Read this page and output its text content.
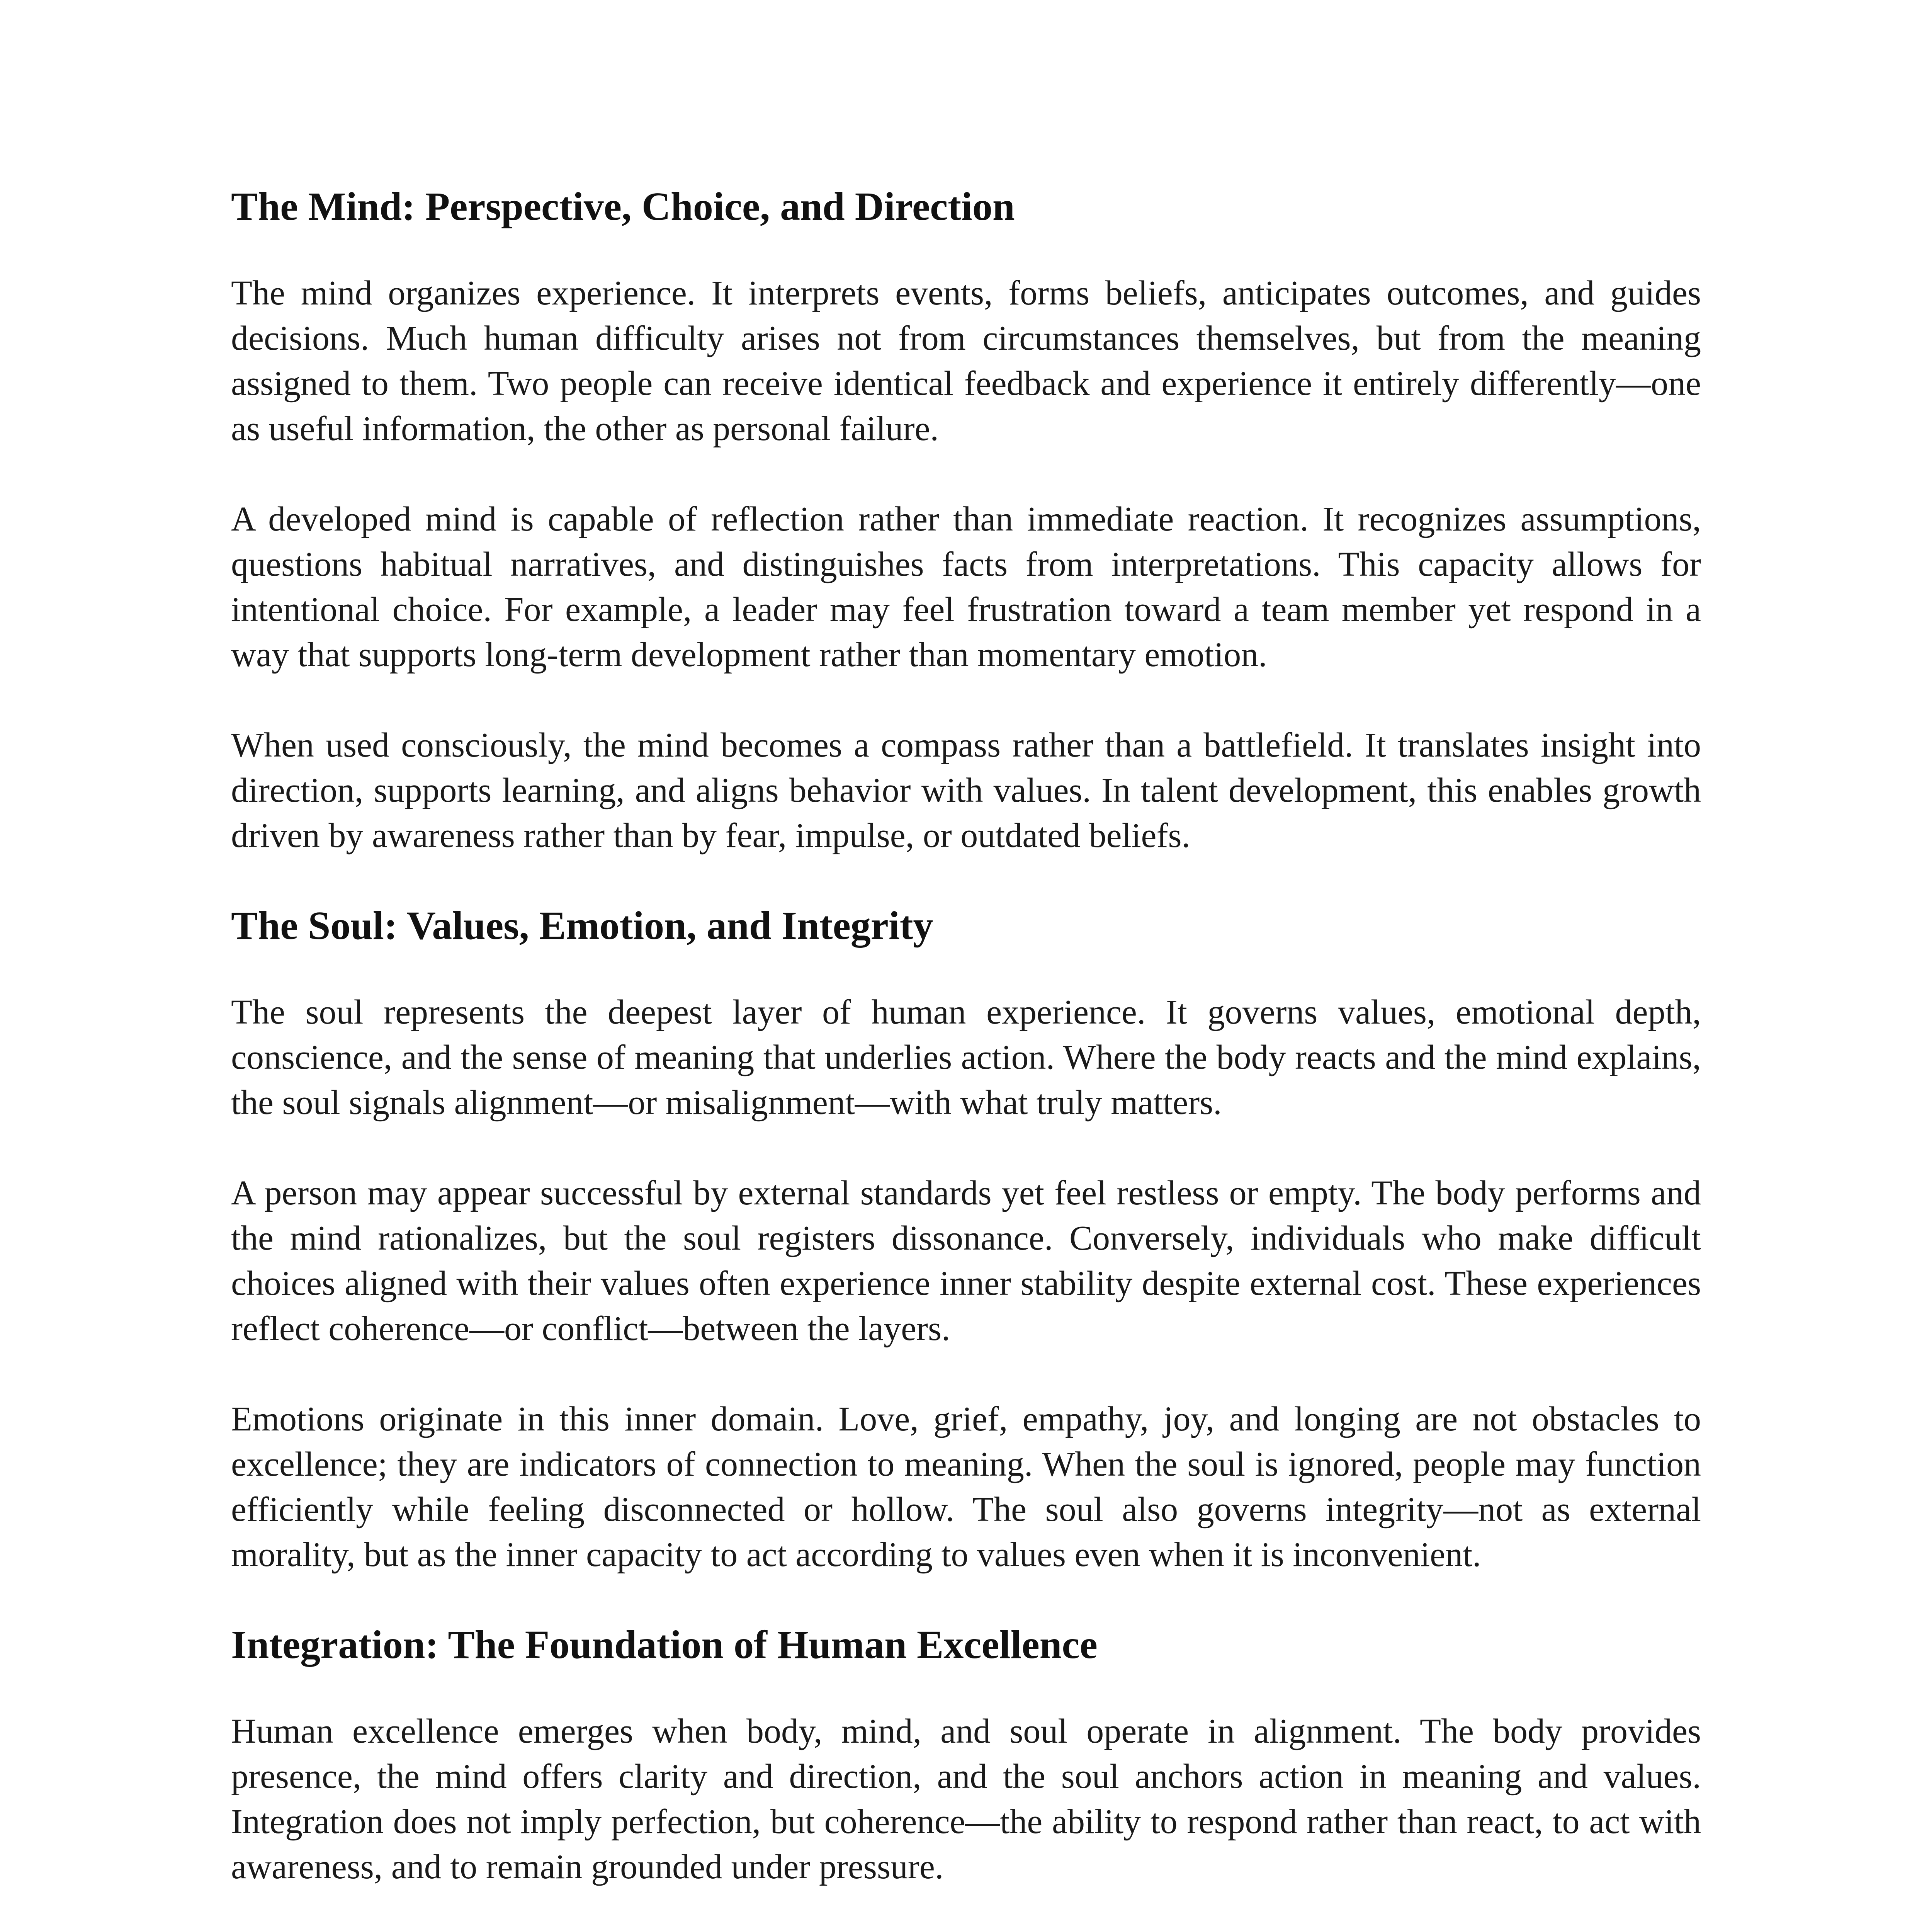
The Mind: Perspective, Choice, and Direction

The mind organizes experience. It interprets events, forms beliefs, anticipates outcomes, and guides decisions. Much human difficulty arises not from circumstances themselves, but from the meaning assigned to them. Two people can receive identical feedback and experience it entirely differently—one as useful information, the other as personal failure.

A developed mind is capable of reflection rather than immediate reaction. It recognizes assumptions, questions habitual narratives, and distinguishes facts from interpretations. This capacity allows for intentional choice. For example, a leader may feel frustration toward a team member yet respond in a way that supports long-term development rather than momentary emotion.

When used consciously, the mind becomes a compass rather than a battlefield. It translates insight into direction, supports learning, and aligns behavior with values. In talent development, this enables growth driven by awareness rather than by fear, impulse, or outdated beliefs.

The Soul: Values, Emotion, and Integrity

The soul represents the deepest layer of human experience. It governs values, emotional depth, conscience, and the sense of meaning that underlies action. Where the body reacts and the mind explains, the soul signals alignment—or misalignment—with what truly matters.

A person may appear successful by external standards yet feel restless or empty. The body performs and the mind rationalizes, but the soul registers dissonance. Conversely, individuals who make difficult choices aligned with their values often experience inner stability despite external cost. These experiences reflect coherence—or conflict—between the layers.

Emotions originate in this inner domain. Love, grief, empathy, joy, and longing are not obstacles to excellence; they are indicators of connection to meaning. When the soul is ignored, people may function efficiently while feeling disconnected or hollow. The soul also governs integrity—not as external morality, but as the inner capacity to act according to values even when it is inconvenient.

Integration: The Foundation of Human Excellence

Human excellence emerges when body, mind, and soul operate in alignment. The body provides presence, the mind offers clarity and direction, and the soul anchors action in meaning and values. Integration does not imply perfection, but coherence—the ability to respond rather than react, to act with awareness, and to remain grounded under pressure.
